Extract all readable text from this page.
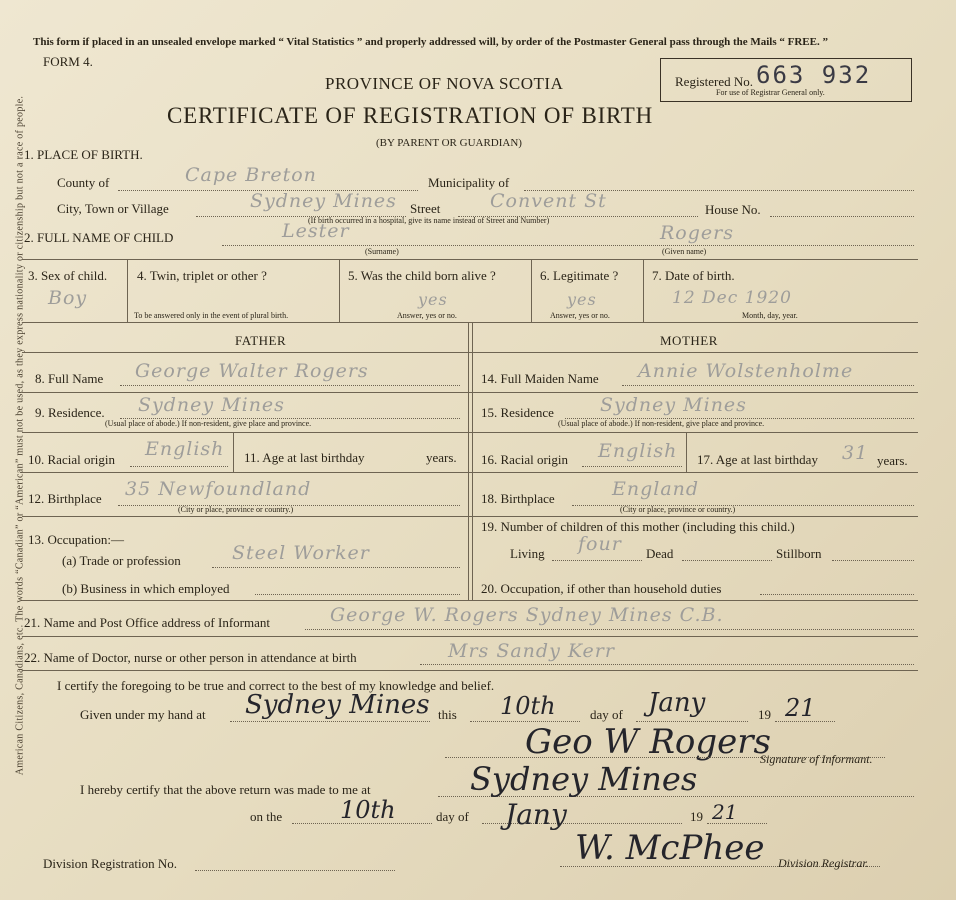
American Citizens, Canadians, etc. The words “Canadian” or “American” must not be used, as they express nationality or citizenship but not a race of people.
This form if placed in an unsealed envelope marked “ Vital Statistics ” and properly addressed will, by order of the Postmaster General pass through the Mails “ FREE. ”
FORM 4.
PROVINCE OF NOVA SCOTIA
CERTIFICATE OF REGISTRATION OF BIRTH
(BY PARENT OR GUARDIAN)
Registered No. 663 932
For use of Registrar General only.
1. PLACE OF BIRTH.
County of	Cape Breton	Municipality of
City, Town or Village	Sydney Mines Street	Convent St	House No.
(If birth occurred in a hospital, give its name instead of Street and Number)
2. FULL NAME OF CHILD	Lester	Rogers
(Surname)	(Given name)
3. Sex of child.
Boy
4. Twin, triplet or other ?
To be answered only in the event of plural birth.
5. Was the child born alive ?
yes
Answer, yes or no.
6. Legitimate ?
yes
Answer, yes or no.
7. Date of birth.
12 Dec 1920
Month, day, year.
FATHER	MOTHER
8. Full Name George Walter Rogers
9. Residence. Sydney Mines
(Usual place of abode.) If non-resident, give place and province.
10. Racial origin English 11. Age at last birthday	years.
12. Birthplace 35 Newfoundland
(City or place, province or country.)
13. Occupation:—
(a) Trade or profession	Steel Worker
(b) Business in which employed
14. Full Maiden Name Annie Wolstenholme
15. Residence Sydney Mines
(Usual place of abode.) If non-resident, give place and province.
16. Racial origin English 17. Age at last birthday 31 years.
18. Birthplace	England
(City or place, province or country.)
19. Number of children of this mother (including this child.)
Living four Dead	Stillborn
20. Occupation, if other than household duties
21. Name and Post Office address of Informant	George W. Rogers Sydney Mines C.B.
22. Name of Doctor, nurse or other person in attendance at birth	Mrs Sandy Kerr
I certify the foregoing to be true and correct to the best of my knowledge and belief.
Given under my hand at Sydney Mines this 10th	day of Jany	19 21
Geo W Rogers
Signature of Informant.
I hereby certify that the above return was made to me at	Sydney Mines
on the 10th	day of Jany	19 21
Division Registration No.	W. McPhee Division Registrar.
